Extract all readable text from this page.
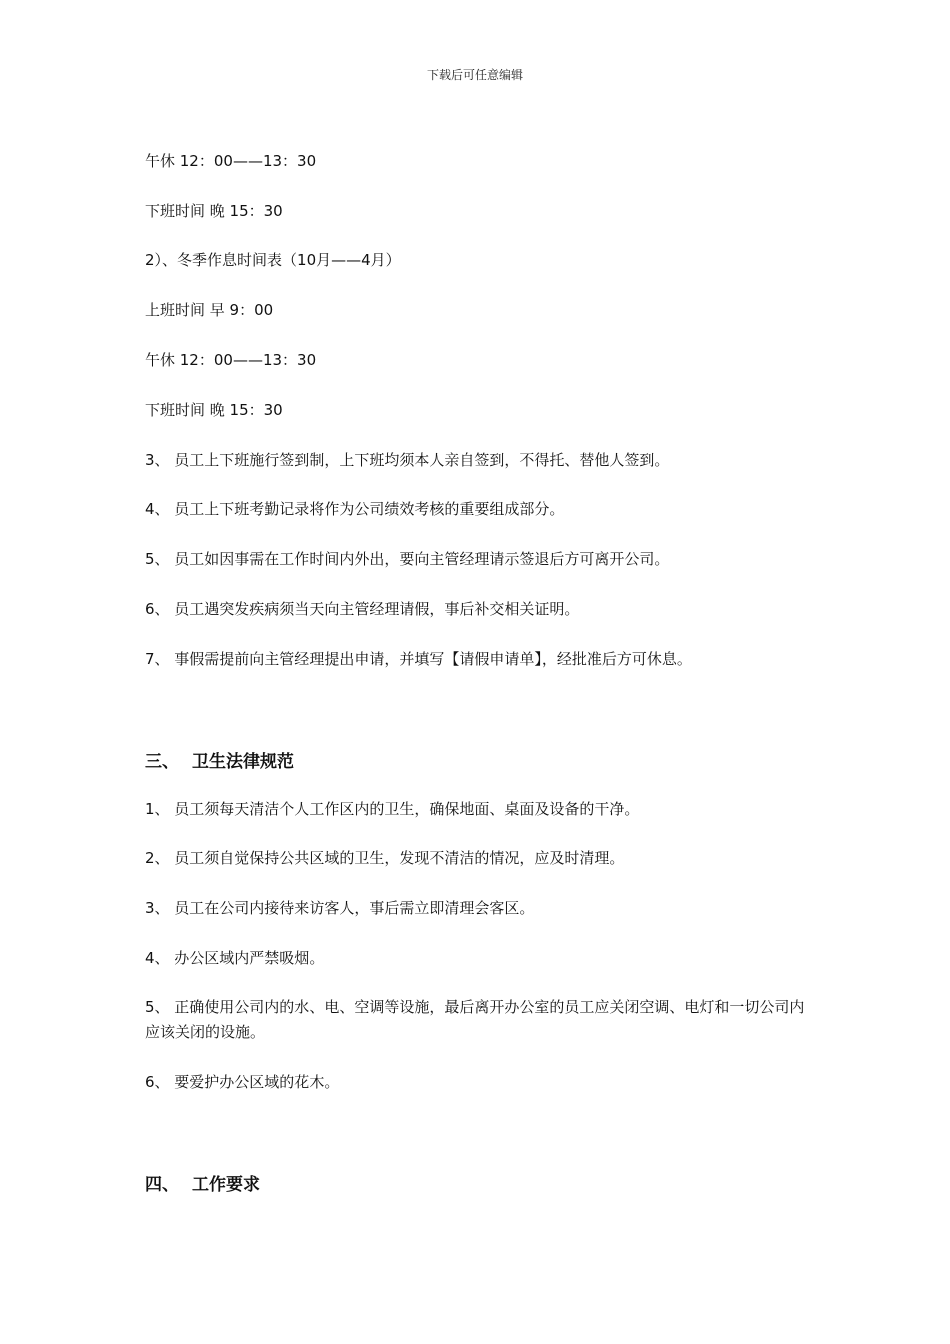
下载后可任意编辑
午休 12：00——13：30
下班时间 晚 15：30
2）、冬季作息时间表（10月——4月）
上班时间 早 9：00
午休 12：00——13：30
下班时间 晚 15：30
3、 员工上下班施行签到制，上下班均须本人亲自签到，不得托、替他人签到。
4、 员工上下班考勤记录将作为公司绩效考核的重要组成部分。
5、 员工如因事需在工作时间内外出，要向主管经理请示签退后方可离开公司。
6、 员工遇突发疾病须当天向主管经理请假，事后补交相关证明。
7、 事假需提前向主管经理提出申请，并填写【请假申请单】，经批准后方可休息。
三、 卫生法律规范
1、 员工须每天清洁个人工作区内的卫生，确保地面、桌面及设备的干净。
2、 员工须自觉保持公共区域的卫生，发现不清洁的情况，应及时清理。
3、 员工在公司内接待来访客人，事后需立即清理会客区。
4、 办公区域内严禁吸烟。
5、 正确使用公司内的水、电、空调等设施，最后离开办公室的员工应关闭空调、电灯和一切公司内应该关闭的设施。
6、 要爱护办公区域的花木。
四、 工作要求
